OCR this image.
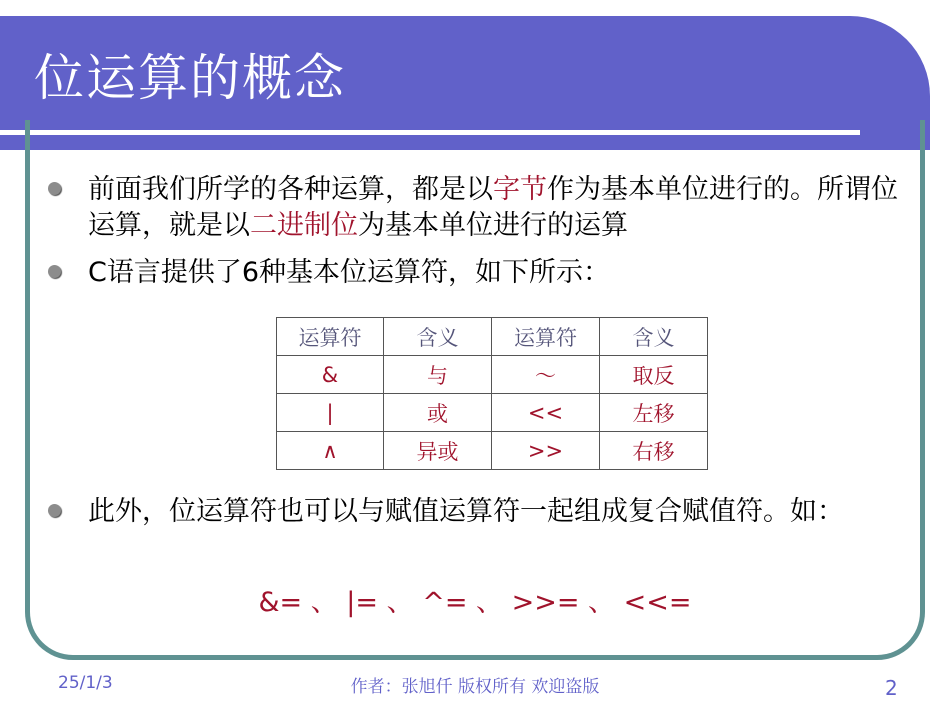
位运算的概念
前面我们所学的各种运算，都是以字节作为基本单位进行的。所谓位运算，就是以二进制位为基本单位进行的运算
C语言提供了6种基本位运算符，如下所示：
运算符	含义	运算符	含义
&	与	～	取反
|	或	<<	左移
∧	异或	>>	右移
此外，位运算符也可以与赋值运算符一起组成复合赋值符。如：
&= 、 |= 、 ^= 、 >>= 、 <<=
25/1/3	作者：张旭仟 版权所有 欢迎盗版	2
